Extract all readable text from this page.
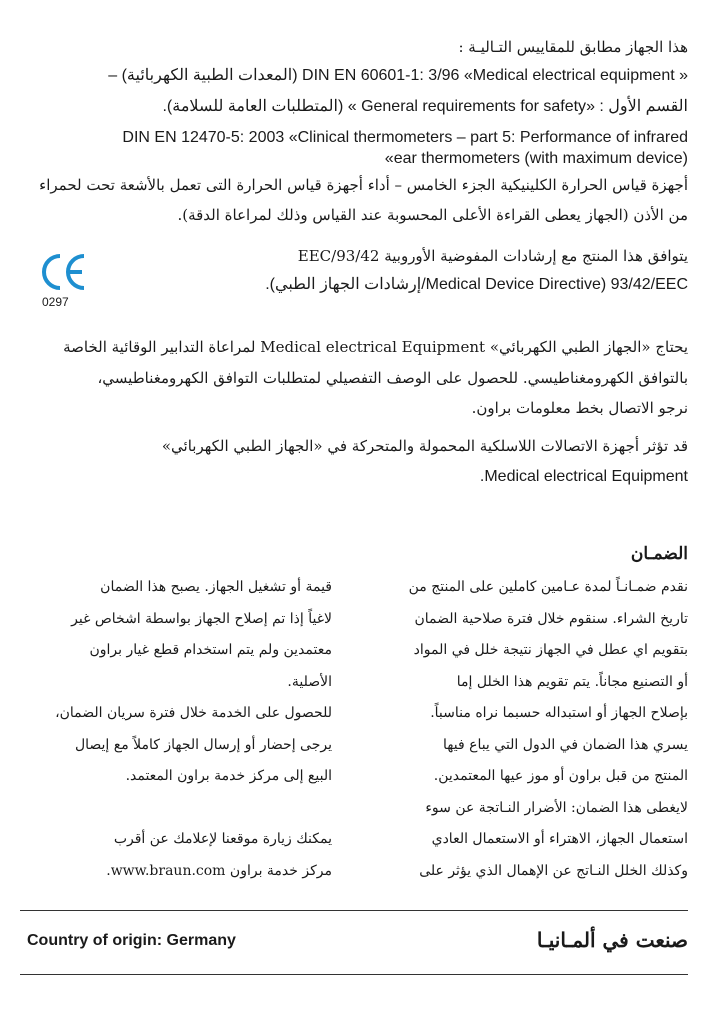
هذا الجهاز مطابق للمقاييس التـاليـة :
« DIN EN 60601-1: 3/96 «Medical electrical equipment (المعدات الطبية الكهربائية) –
القسم الأول : «General requirements for safety » (المتطلبات العامة للسلامة).
DIN EN 12470-5: 2003 «Clinical thermometers – part 5: Performance of infrared
ear thermometers (with maximum device)»
أجهزة قياس الحرارة الكلينيكية الجزء الخامس – أداء أجهزة قياس الحرارة التى تعمل بالأشعة تحت لحمراء
من الأذن (الجهاز يعطى القراءة الأعلى المحسوبة عند القياس وذلك لمراعاة الدقة).
0297
يتوافق هذا المنتج مع إرشادات المفوضية الأوروبية 93/42/EEC
Medical Device Directive) 93/42/EEC/إرشادات الجهاز الطبي).
يحتاج «الجهاز الطبي الكهربائي» Medical electrical Equipment لمراعاة التدابير الوقائية الخاصة
بالتوافق الكهرومغناطيسي. للحصول على الوصف التفصيلي لمتطلبات التوافق الكهرومغناطيسي،
نرجو الاتصال بخط معلومات براون.
قد تؤثر أجهزة الاتصالات اللاسلكية المحمولة والمتحركة في «الجهاز الطبي الكهربائي»
Medical electrical Equipment.
الضمـان
نقدم ضمـانـاً لمدة عـامين كاملين على المنتج من
تاريخ الشراء. سنقوم خلال فترة صلاحية الضمان
بتقويم اي عطل في الجهاز نتيجة خلل في المواد
أو التصنيع مجاناً. يتم تقويم هذا الخلل إما
بإصلاح الجهاز أو استبداله حسبما نراه مناسباً.
يسري هذا الضمان في الدول التي يباع فيها
المنتج من قبل براون أو موز عيها المعتمدين.
لايغطى هذا الضمان: الأضرار النـاتجة عن سوء
استعمال الجهاز، الاهتراء أو الاستعمال العادي
وكذلك الخلل النـاتج عن الإهمال الذي يؤثر على
قيمة أو تشغيل الجهاز. يصبح هذا الضمان
لاغياً إذا تم إصلاح الجهاز بواسطة اشخاص غير
معتمدين ولم يتم استخدام قطع غيار براون
الأصلية.
للحصول على الخدمة خلال فترة سريان الضمان،
يرجى إحضار أو إرسال الجهاز كاملاً مع إيصال
البيع إلى مركز خدمة براون المعتمد.
يمكنك زيارة موقعنا لإعلامك عن أقرب
مركز خدمة براون www.braun.com.
Country of origin: Germany	صنعت في ألمـانيـا
